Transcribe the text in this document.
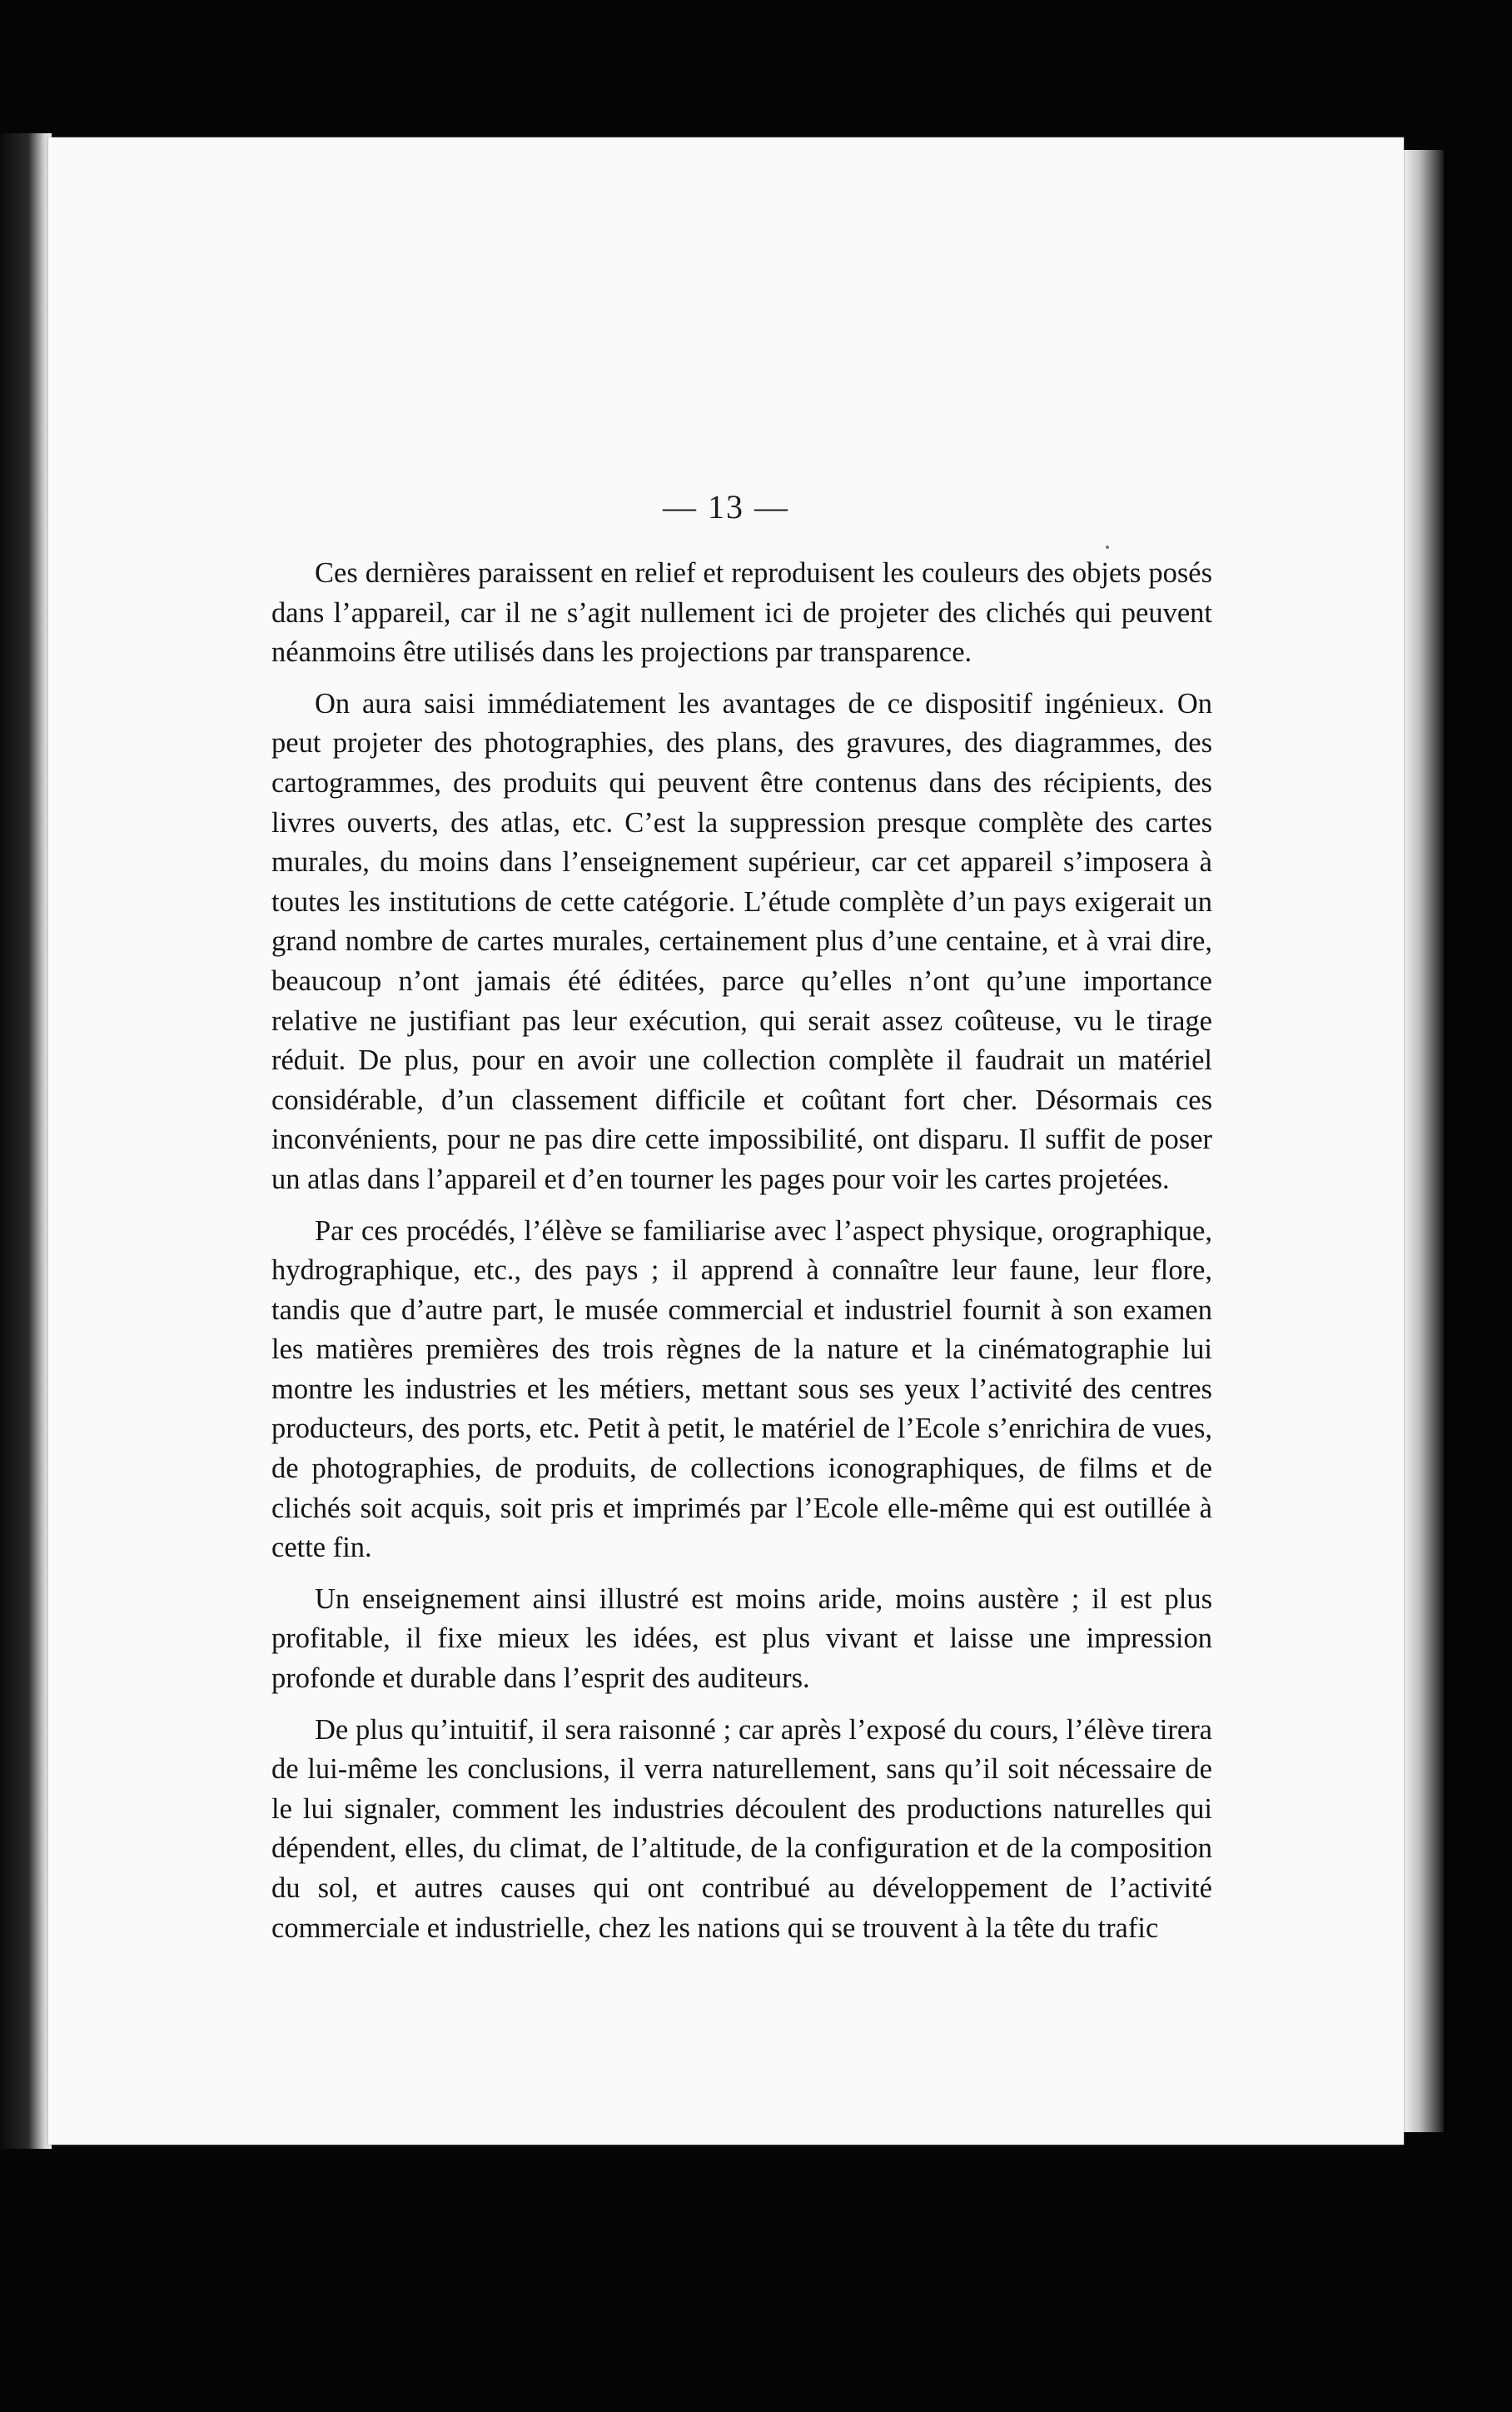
— 13 —

Ces dernières paraissent en relief et reproduisent les couleurs des objets posés dans l’appareil, car il ne s’agit nullement ici de projeter des clichés qui peuvent néanmoins être utilisés dans les projections par transparence.

On aura saisi immédiatement les avantages de ce dispositif ingénieux. On peut projeter des photographies, des plans, des gravures, des diagrammes, des cartogrammes, des produits qui peuvent être contenus dans des récipients, des livres ouverts, des atlas, etc. C’est la suppression presque complète des cartes murales, du moins dans l’enseignement supérieur, car cet appareil s’imposera à toutes les institutions de cette catégorie. L’étude complète d’un pays exigerait un grand nombre de cartes murales, certainement plus d’une centaine, et à vrai dire, beaucoup n’ont jamais été éditées, parce qu’elles n’ont qu’une importance relative ne justifiant pas leur exécution, qui serait assez coûteuse, vu le tirage réduit. De plus, pour en avoir une collection complète il faudrait un matériel considérable, d’un classement difficile et coûtant fort cher. Désormais ces inconvénients, pour ne pas dire cette impossibilité, ont disparu. Il suffit de poser un atlas dans l’appareil et d’en tourner les pages pour voir les cartes projetées.

Par ces procédés, l’élève se familiarise avec l’aspect physique, orographique, hydrographique, etc., des pays ; il apprend à connaître leur faune, leur flore, tandis que d’autre part, le musée commercial et industriel fournit à son examen les matières premières des trois règnes de la nature et la cinématographie lui montre les industries et les métiers, mettant sous ses yeux l’activité des centres producteurs, des ports, etc. Petit à petit, le matériel de l’Ecole s’enrichira de vues, de photographies, de produits, de collections iconographiques, de films et de clichés soit acquis, soit pris et imprimés par l’Ecole elle-même qui est outillée à cette fin.

Un enseignement ainsi illustré est moins aride, moins austère ; il est plus profitable, il fixe mieux les idées, est plus vivant et laisse une impression profonde et durable dans l’esprit des auditeurs.

De plus qu’intuitif, il sera raisonné ; car après l’exposé du cours, l’élève tirera de lui-même les conclusions, il verra naturellement, sans qu’il soit nécessaire de le lui signaler, comment les industries découlent des productions naturelles qui dépendent, elles, du climat, de l’altitude, de la configuration et de la composition du sol, et autres causes qui ont contribué au développement de l’activité commerciale et industrielle, chez les nations qui se trouvent à la tête du trafic
